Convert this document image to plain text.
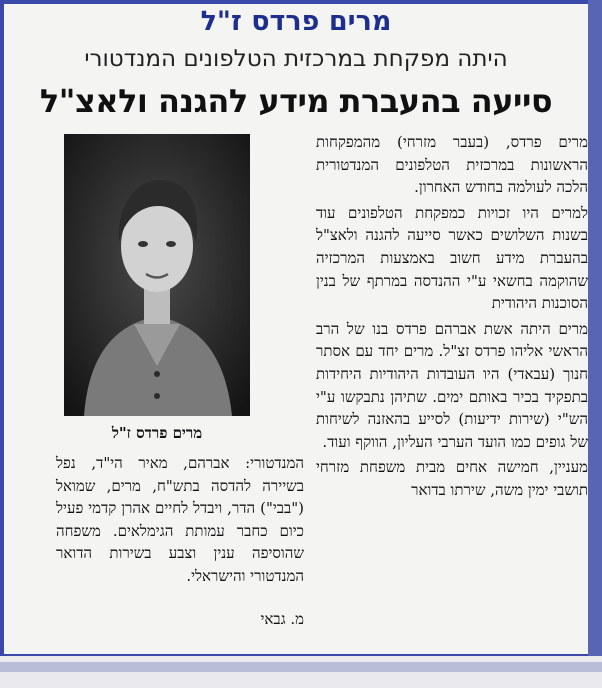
מרים פרדס ז"ל
היתה מפקחת במרכזית הטלפונים המנדטורי
סייעה בהעברת מידע להגנה ולאצ"ל

מרים פרדס, (בעבר מזרחי) מהמפקחות הראשונות במרכזית הטלפונים המנדטורית הלכה לעולמה בחודש האחרון.

למרים היו זכויות כמפקחת הטלפונים עוד בשנות השלושים כאשר סייעה להגנה ולאצ"ל בהעברת מידע חשוב באמצעות המרכזיה שהוקמה בחשאי ע"י ההנדסה במרתף של בנין הסוכנות היהודית

מרים היתה אשת אברהם פרדס בנו של הרב הראשי אליהו פרדס זצ"ל. מרים יחד עם אסתר חנוך (עבאדי) היו העובדות היהודיות היחידות בתפקיד בכיר באותם ימים. שתיהן נתבקשו ע"י הש"י (שירות ידיעות) לסייע בהאזנה לשיחות של גופים כמו הועד הערבי העליון, הווקף ועוד.

מעניין, חמישה אחים מבית משפחת מזרחי תושבי ימין משה, שירתו בדואר

מרים פרדס ז"ל

המנדטורי: אברהם, מאיר הי"ד, נפל בשיירה להדסה בתש"ח, מרים, שמואל ("בבי") הדר, ויבדל לחיים אהרן קדמי פעיל כיום כחבר עמותת הגימלאים. משפחה שהוסיפה ענין וצבע בשירות הדואר המנדטורי והישראלי.

מ. גבאי
